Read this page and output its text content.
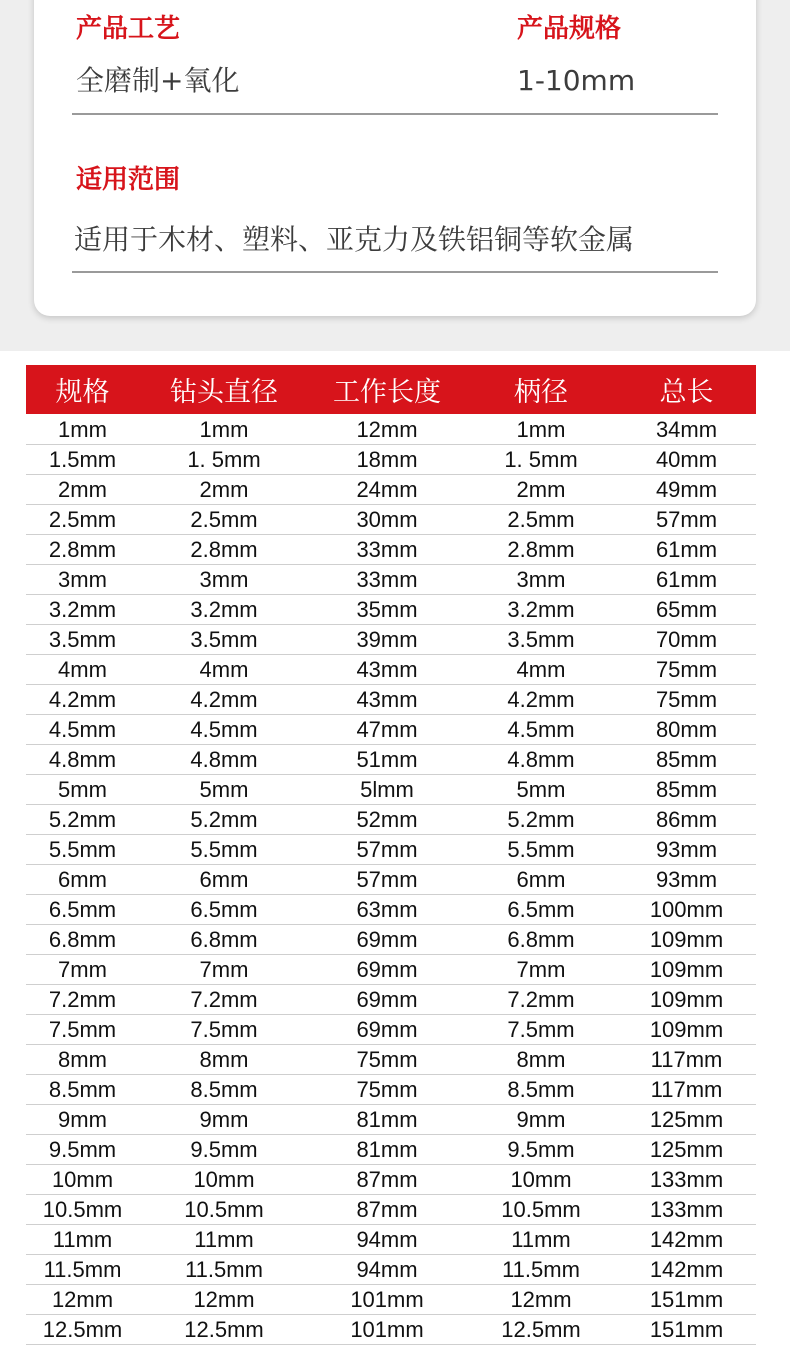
产品工艺
全磨制+氧化
产品规格
1-10mm
适用范围
适用于木材、塑料、亚克力及铁铝铜等软金属
规格	钻头直径	工作长度	柄径	总长
1mm	1mm	12mm	1mm	34mm
1.5mm	1. 5mm	18mm	1. 5mm	40mm
2mm	2mm	24mm	2mm	49mm
2.5mm	2.5mm	30mm	2.5mm	57mm
2.8mm	2.8mm	33mm	2.8mm	61mm
3mm	3mm	33mm	3mm	61mm
3.2mm	3.2mm	35mm	3.2mm	65mm
3.5mm	3.5mm	39mm	3.5mm	70mm
4mm	4mm	43mm	4mm	75mm
4.2mm	4.2mm	43mm	4.2mm	75mm
4.5mm	4.5mm	47mm	4.5mm	80mm
4.8mm	4.8mm	51mm	4.8mm	85mm
5mm	5mm	5lmm	5mm	85mm
5.2mm	5.2mm	52mm	5.2mm	86mm
5.5mm	5.5mm	57mm	5.5mm	93mm
6mm	6mm	57mm	6mm	93mm
6.5mm	6.5mm	63mm	6.5mm	100mm
6.8mm	6.8mm	69mm	6.8mm	109mm
7mm	7mm	69mm	7mm	109mm
7.2mm	7.2mm	69mm	7.2mm	109mm
7.5mm	7.5mm	69mm	7.5mm	109mm
8mm	8mm	75mm	8mm	117mm
8.5mm	8.5mm	75mm	8.5mm	117mm
9mm	9mm	81mm	9mm	125mm
9.5mm	9.5mm	81mm	9.5mm	125mm
10mm	10mm	87mm	10mm	133mm
10.5mm	10.5mm	87mm	10.5mm	133mm
11mm	11mm	94mm	11mm	142mm
11.5mm	11.5mm	94mm	11.5mm	142mm
12mm	12mm	101mm	12mm	151mm
12.5mm	12.5mm	101mm	12.5mm	151mm
